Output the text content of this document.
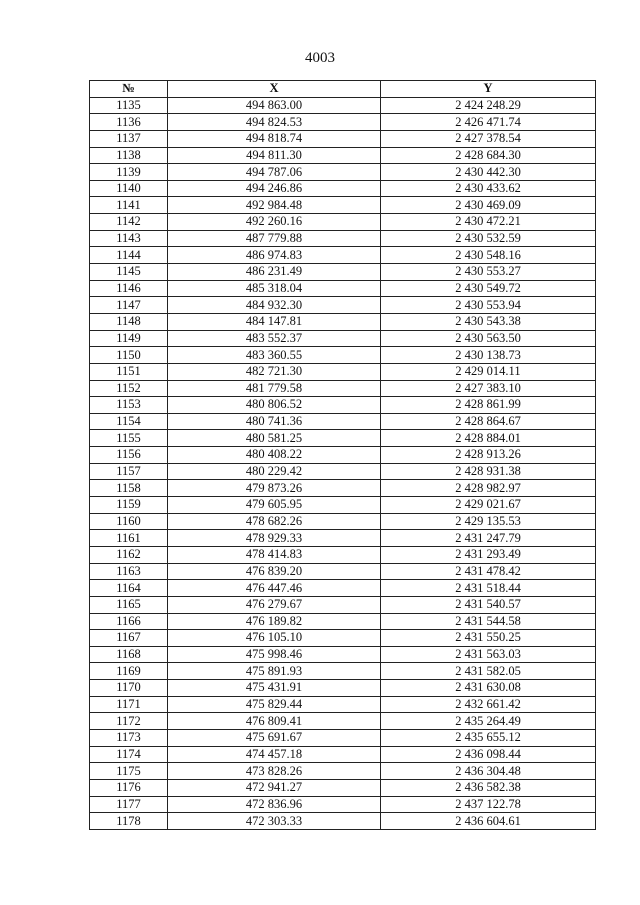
4003
№	X	Y
1135	494 863.00	2 424 248.29
1136	494 824.53	2 426 471.74
1137	494 818.74	2 427 378.54
1138	494 811.30	2 428 684.30
1139	494 787.06	2 430 442.30
1140	494 246.86	2 430 433.62
1141	492 984.48	2 430 469.09
1142	492 260.16	2 430 472.21
1143	487 779.88	2 430 532.59
1144	486 974.83	2 430 548.16
1145	486 231.49	2 430 553.27
1146	485 318.04	2 430 549.72
1147	484 932.30	2 430 553.94
1148	484 147.81	2 430 543.38
1149	483 552.37	2 430 563.50
1150	483 360.55	2 430 138.73
1151	482 721.30	2 429 014.11
1152	481 779.58	2 427 383.10
1153	480 806.52	2 428 861.99
1154	480 741.36	2 428 864.67
1155	480 581.25	2 428 884.01
1156	480 408.22	2 428 913.26
1157	480 229.42	2 428 931.38
1158	479 873.26	2 428 982.97
1159	479 605.95	2 429 021.67
1160	478 682.26	2 429 135.53
1161	478 929.33	2 431 247.79
1162	478 414.83	2 431 293.49
1163	476 839.20	2 431 478.42
1164	476 447.46	2 431 518.44
1165	476 279.67	2 431 540.57
1166	476 189.82	2 431 544.58
1167	476 105.10	2 431 550.25
1168	475 998.46	2 431 563.03
1169	475 891.93	2 431 582.05
1170	475 431.91	2 431 630.08
1171	475 829.44	2 432 661.42
1172	476 809.41	2 435 264.49
1173	475 691.67	2 435 655.12
1174	474 457.18	2 436 098.44
1175	473 828.26	2 436 304.48
1176	472 941.27	2 436 582.38
1177	472 836.96	2 437 122.78
1178	472 303.33	2 436 604.61
